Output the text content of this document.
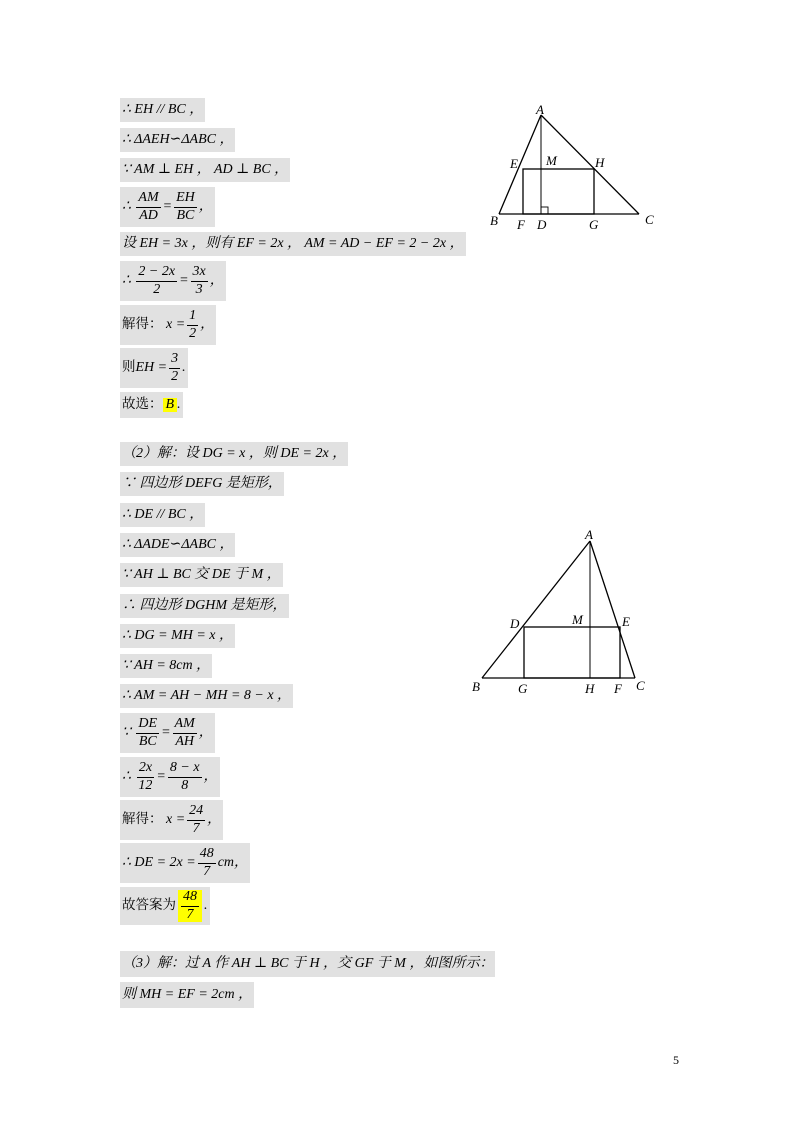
∴ EH // BC ，
∴ ΔAEH∽ΔABC ，
∵ AM ⊥ EH ， AD ⊥ BC ，
∴
$\frac{AM}{AD} = \frac{EH}{BC}$ ，
设 EH = 3x ，则有 EF = 2x ， AM = AD − EF = 2 − 2x ，
∴
$\frac{2 - 2x}{2} = \frac{3x}{3}$ ，
解得：
$x = \frac{1}{2}$ ，
则 EH = $\frac{3}{2}$ .
故选： B .
A
E M	H
B F D	G	C
（2）解：设 DG = x ，则 DE = 2x ，
∵ 四边形 DEFG 是矩形，
∴ DE // BC ，
∴ ΔADE∽ΔABC ，
∵ AH ⊥ BC 交 DE 于 M ，
∴ 四边形 DGHM 是矩形，
∴ DG = MH = x ，
∵ AH = 8cm ，
∴ AM = AH − MH = 8 − x ，
∵
$\frac{DE}{BC} = \frac{AM}{AH}$ ，
∴
$\frac{2x}{12} = \frac{8 - x}{8}$ ，
解得：
$x = \frac{24}{7}$ ，
∴
DE = $2x = \frac{48}{7}$ cm ，
故答案为 $\frac{48}{7}$ .
A
D	M	E
B	G	H F C
（3）解：过 A 作 AH ⊥ BC 于 H ，交 GF 于 M ，如图所示：
则 MH = EF = 2cm ，
5
